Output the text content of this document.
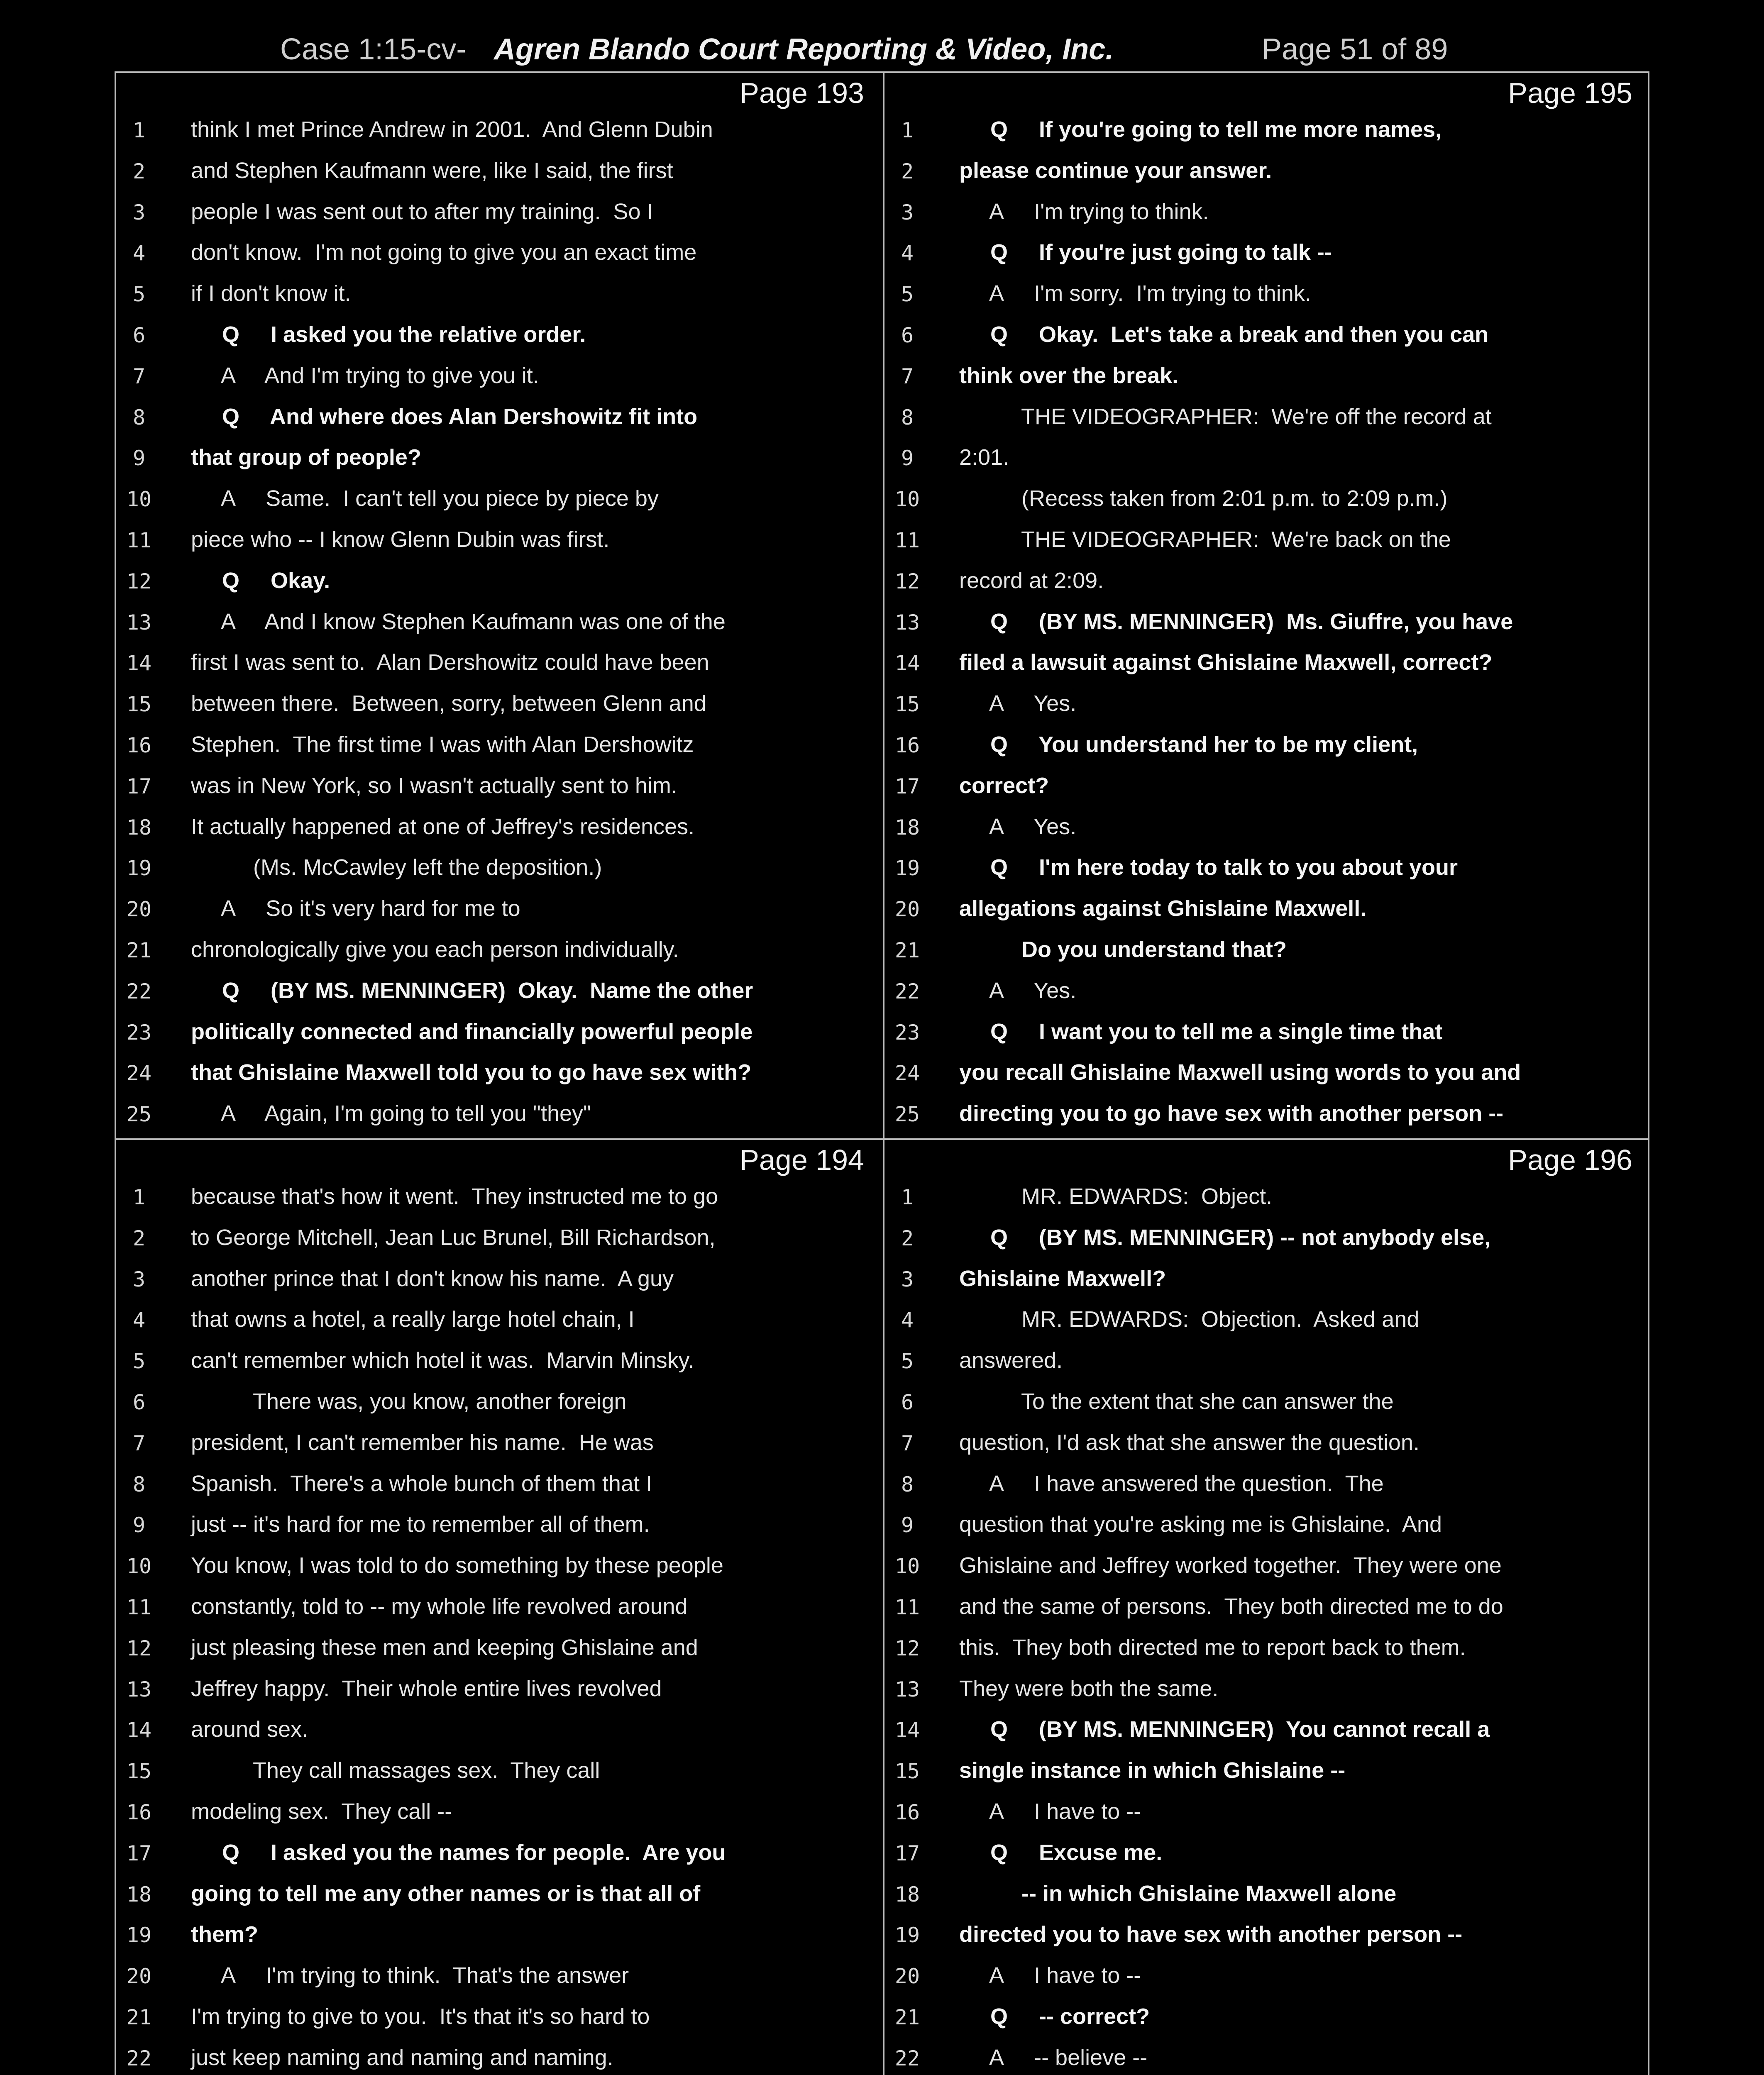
Case 1:15-cv- Agren Blando Court Reporting & Video, Inc.	Page 51 of 89
Page 193
1	think I met Prince Andrew in 2001.  And Glenn Dubin
2	and Stephen Kaufmann were, like I said, the first
3	people I was sent out to after my training.  So I
4	don't know.  I'm not going to give you an exact time
5	if I don't know it.
6	Q     I asked you the relative order.
7	A     And I'm trying to give you it.
8	Q     And where does Alan Dershowitz fit into
9	that group of people?
10	A     Same.  I can't tell you piece by piece by
11	piece who -- I know Glenn Dubin was first.
12	Q     Okay.
13	A     And I know Stephen Kaufmann was one of the
14	first I was sent to.  Alan Dershowitz could have been
15	between there.  Between, sorry, between Glenn and
16	Stephen.  The first time I was with Alan Dershowitz
17	was in New York, so I wasn't actually sent to him.
18	It actually happened at one of Jeffrey's residences.
19	(Ms. McCawley left the deposition.)
20	A     So it's very hard for me to
21	chronologically give you each person individually.
22	Q     (BY MS. MENNINGER)  Okay.  Name the other
23	politically connected and financially powerful people
24	that Ghislaine Maxwell told you to go have sex with?
25	A     Again, I'm going to tell you "they"
Page 195
1	Q     If you're going to tell me more names,
2	please continue your answer.
3	A     I'm trying to think.
4	Q     If you're just going to talk --
5	A     I'm sorry.  I'm trying to think.
6	Q     Okay.  Let's take a break and then you can
7	think over the break.
8	THE VIDEOGRAPHER:  We're off the record at
9	2:01.
10	(Recess taken from 2:01 p.m. to 2:09 p.m.)
11	THE VIDEOGRAPHER:  We're back on the
12	record at 2:09.
13	Q     (BY MS. MENNINGER)  Ms. Giuffre, you have
14	filed a lawsuit against Ghislaine Maxwell, correct?
15	A     Yes.
16	Q     You understand her to be my client,
17	correct?
18	A     Yes.
19	Q     I'm here today to talk to you about your
20	allegations against Ghislaine Maxwell.
21	Do you understand that?
22	A     Yes.
23	Q     I want you to tell me a single time that
24	you recall Ghislaine Maxwell using words to you and
25	directing you to go have sex with another person --
Page 194
1	because that's how it went.  They instructed me to go
2	to George Mitchell, Jean Luc Brunel, Bill Richardson,
3	another prince that I don't know his name.  A guy
4	that owns a hotel, a really large hotel chain, I
5	can't remember which hotel it was.  Marvin Minsky.
6	There was, you know, another foreign
7	president, I can't remember his name.  He was
8	Spanish.  There's a whole bunch of them that I
9	just -- it's hard for me to remember all of them.
10	You know, I was told to do something by these people
11	constantly, told to -- my whole life revolved around
12	just pleasing these men and keeping Ghislaine and
13	Jeffrey happy.  Their whole entire lives revolved
14	around sex.
15	They call massages sex.  They call
16	modeling sex.  They call --
17	Q     I asked you the names for people.  Are you
18	going to tell me any other names or is that all of
19	them?
20	A     I'm trying to think.  That's the answer
21	I'm trying to give to you.  It's that it's so hard to
22	just keep naming and naming and naming.
Page 196
1	MR. EDWARDS:  Object.
2	Q     (BY MS. MENNINGER) -- not anybody else,
3	Ghislaine Maxwell?
4	MR. EDWARDS:  Objection.  Asked and
5	answered.
6	To the extent that she can answer the
7	question, I'd ask that she answer the question.
8	A     I have answered the question.  The
9	question that you're asking me is Ghislaine.  And
10	Ghislaine and Jeffrey worked together.  They were one
11	and the same of persons.  They both directed me to do
12	this.  They both directed me to report back to them.
13	They were both the same.
14	Q     (BY MS. MENNINGER)  You cannot recall a
15	single instance in which Ghislaine --
16	A     I have to --
17	Q     Excuse me.
18	-- in which Ghislaine Maxwell alone
19	directed you to have sex with another person --
20	A     I have to --
21	Q     -- correct?
22	A     -- believe --
